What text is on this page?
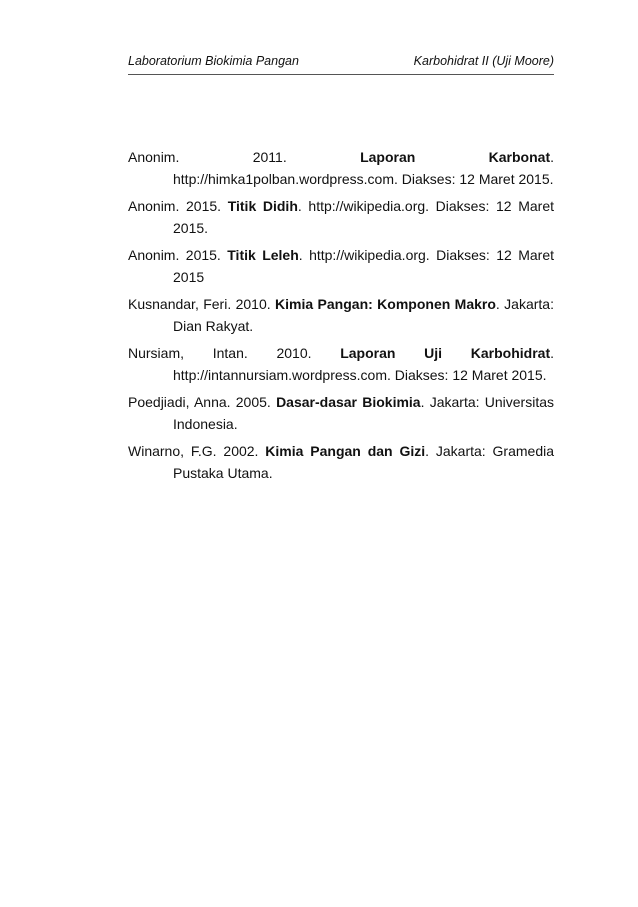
Laboratorium Biokimia Pangan	Karbohidrat II (Uji Moore)

Anonim. 2011.	Laporan Karbonat. http://himka1polban.wordpress.com. Diakses: 12 Maret 2015.

Anonim. 2015. Titik Didih. http://wikipedia.org. Diakses: 12 Maret 2015.

Anonim. 2015. Titik Leleh. http://wikipedia.org. Diakses: 12 Maret 2015

Kusnandar, Feri. 2010. Kimia Pangan: Komponen Makro. Jakarta: Dian Rakyat.

Nursiam, Intan. 2010. Laporan Uji Karbohidrat. http://intannursiam.wordpress.com. Diakses: 12 Maret 2015.

Poedjiadi, Anna. 2005. Dasar-dasar Biokimia. Jakarta: Universitas Indonesia.

Winarno, F.G. 2002. Kimia Pangan dan Gizi. Jakarta: Gramedia Pustaka Utama.
